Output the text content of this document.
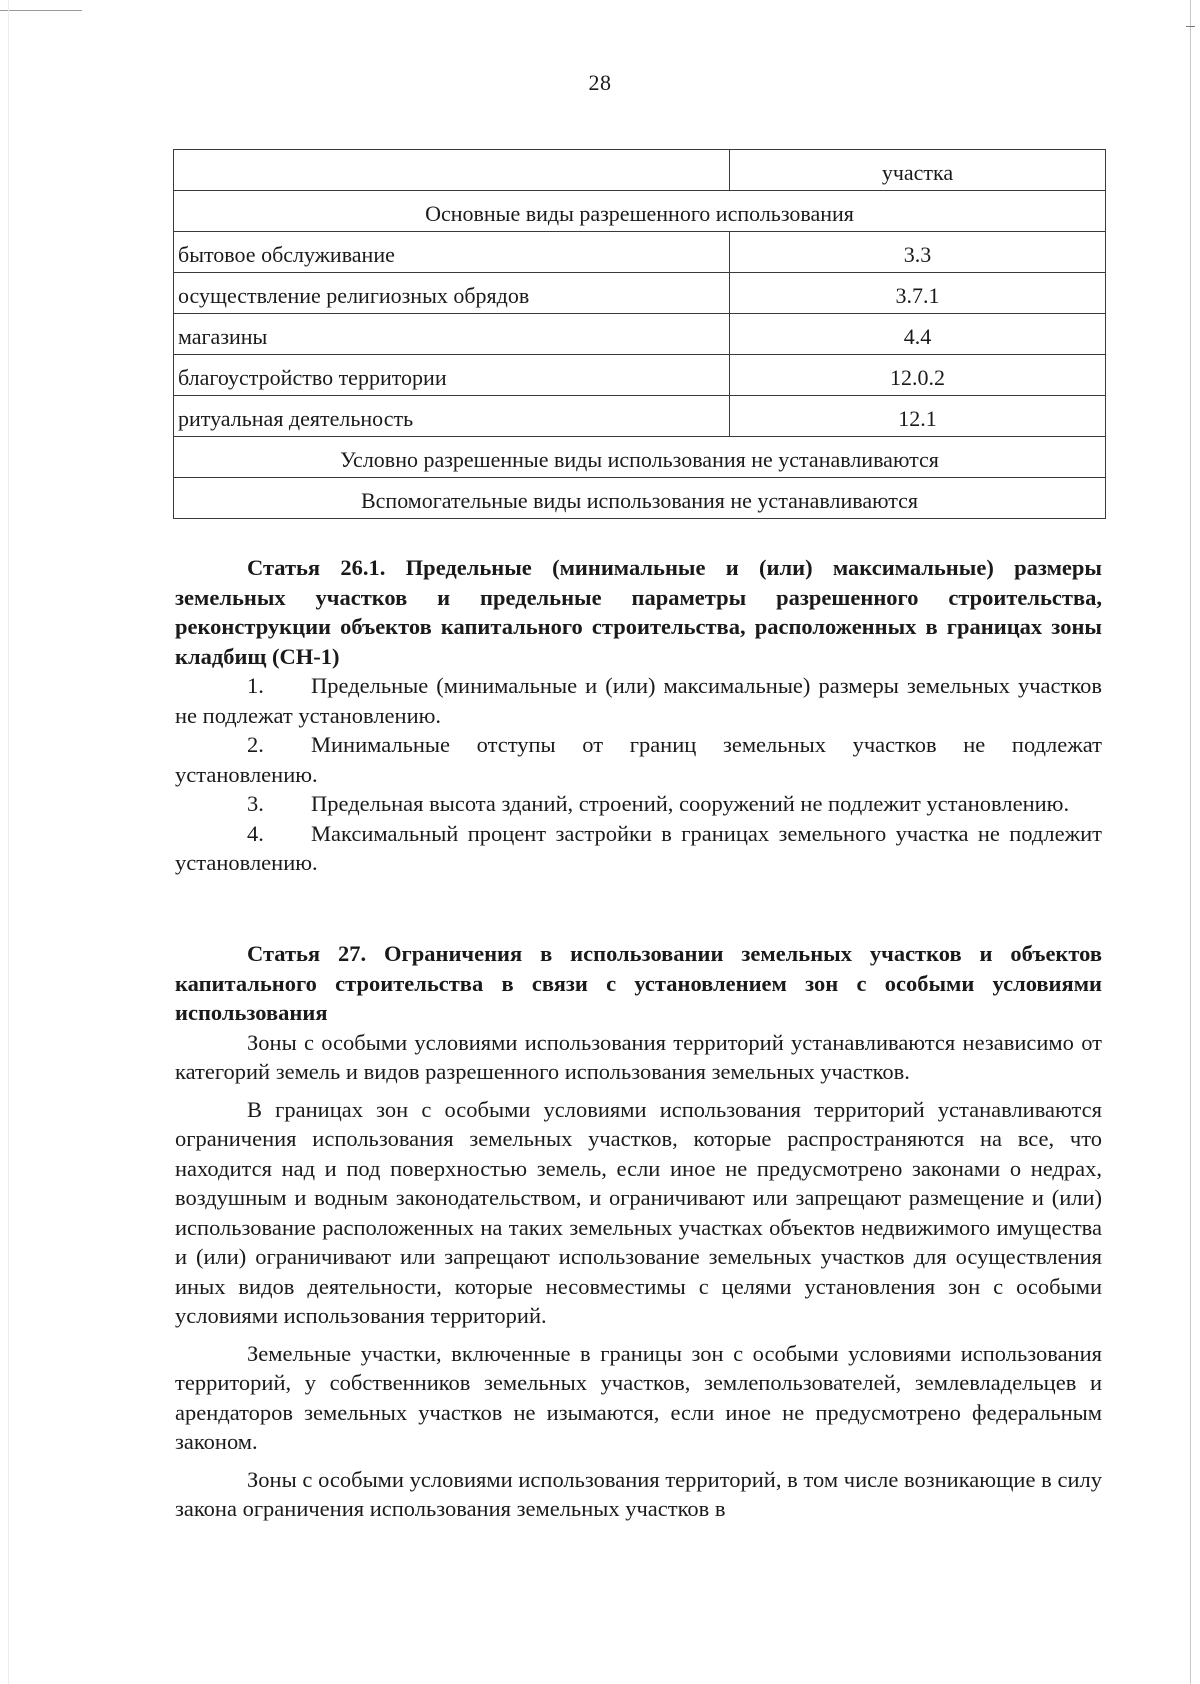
28
	участка
Основные виды разрешенного использования	
бытовое обслуживание	3.3
осуществление религиозных обрядов	3.7.1
магазины	4.4
благоустройство территории	12.0.2
ритуальная деятельность	12.1
Условно разрешенные виды использования не устанавливаются	
Вспомогательные виды использования не устанавливаются	
Статья 26.1. Предельные (минимальные и (или) максимальные) размеры земельных участков и предельные параметры разрешенного строительства, реконструкции объектов капитального строительства, расположенных в границах зоны кладбищ (СН-1)
1. Предельные (минимальные и (или) максимальные) размеры земельных участков не подлежат установлению.
2. Минимальные отступы от границ земельных участков не подлежат установлению.
3. Предельная высота зданий, строений, сооружений не подлежит установлению.
4. Максимальный процент застройки в границах земельного участка не подлежит установлению.
Статья 27. Ограничения в использовании земельных участков и объектов капитального строительства в связи с установлением зон с особыми условиями использования

Зоны с особыми условиями использования территорий устанавливаются независимо от категорий земель и видов разрешенного использования земельных участков.

В границах зон с особыми условиями использования территорий устанавливаются ограничения использования земельных участков, которые распространяются на все, что находится над и под поверхностью земель, если иное не предусмотрено законами о недрах, воздушным и водным законодательством, и ограничивают или запрещают размещение и (или) использование расположенных на таких земельных участках объектов недвижимого имущества и (или) ограничивают или запрещают использование земельных участков для осуществления иных видов деятельности, которые несовместимы с целями установления зон с особыми условиями использования территорий.

Земельные участки, включенные в границы зон с особыми условиями использования территорий, у собственников земельных участков, землепользователей, землевладельцев и арендаторов земельных участков не изымаются, если иное не предусмотрено федеральным законом.

Зоны с особыми условиями использования территорий, в том числе возникающие в силу закона ограничения использования земельных участков в
